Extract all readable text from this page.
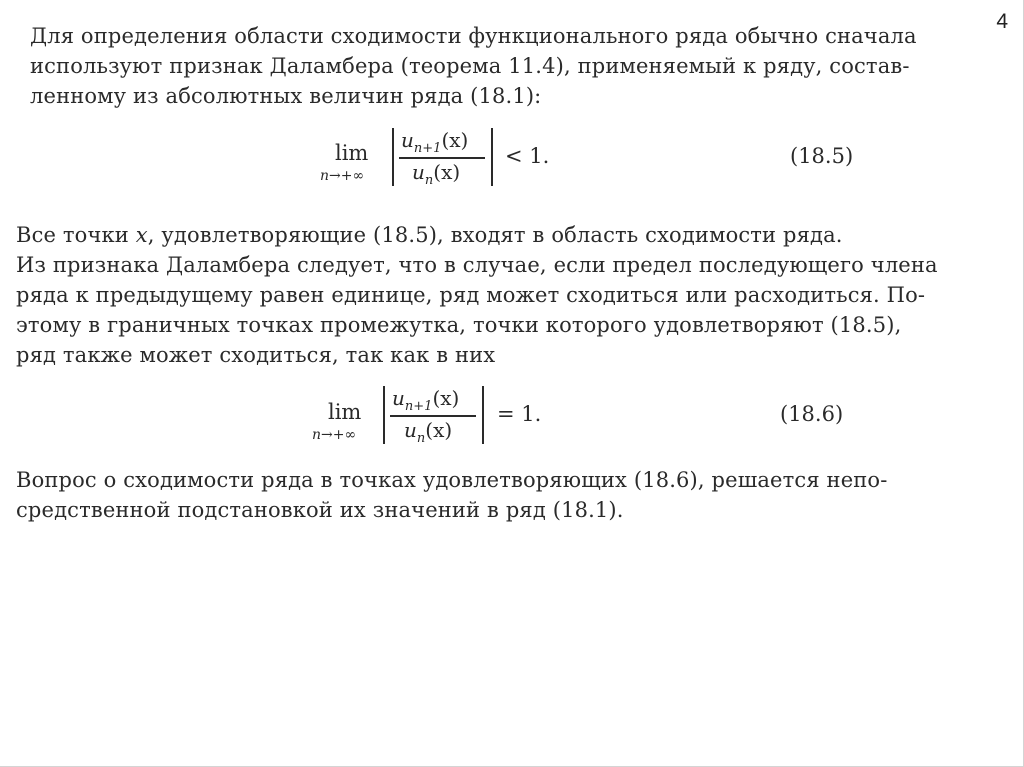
4
Для определения области сходимости функционального ряда обычно сначала
используют признак Даламбера (теорема 11.4), применяемый к ряду, состав-
ленному из абсолютных величин ряда (18.1):
lim
n→+∞
$u_{n+1}(x)$
$u_n(x)$
< 1.	(18.5)
Все точки x, удовлетворяющие (18.5), входят в область сходимости ряда.
Из признака Даламбера следует, что в случае, если предел последующего члена
ряда к предыдущему равен единице, ряд может сходиться или расходиться. По-
этому в граничных точках промежутка, точки которого удовлетворяют (18.5),
ряд также может сходиться, так как в них
lim
n→+∞
$u_{n+1}(x)$
$u_n(x)$
= 1.	(18.6)
Вопрос о сходимости ряда в точках удовлетворяющих (18.6), решается непо-
средственной подстановкой их значений в ряд (18.1).
